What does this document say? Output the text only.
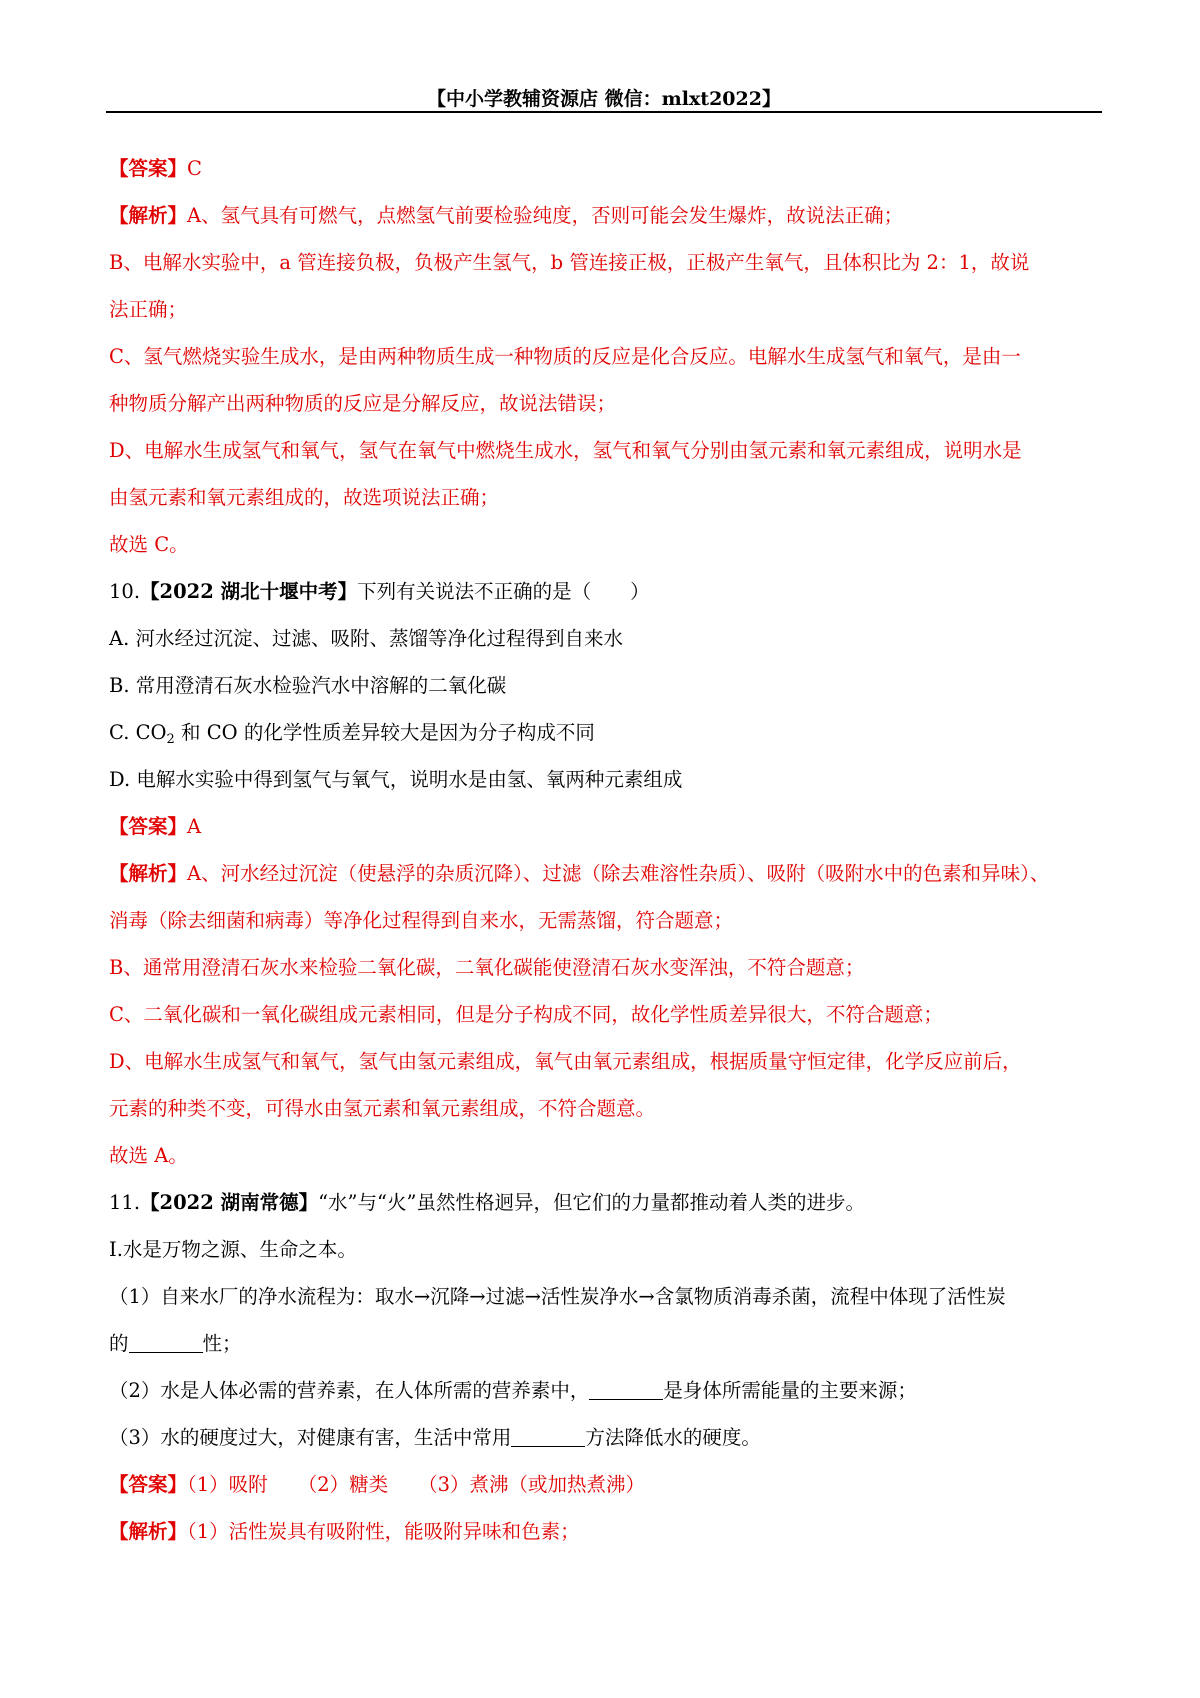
【中小学教辅资源店 微信：mlxt2022】
【答案】C
【解析】A、氢气具有可燃气，点燃氢气前要检验纯度，否则可能会发生爆炸，故说法正确；
B、电解水实验中，a 管连接负极，负极产生氢气，b 管连接正极，正极产生氧气，且体积比为 2：1，故说
法正确；
C、氢气燃烧实验生成水，是由两种物质生成一种物质的反应是化合反应。电解水生成氢气和氧气，是由一
种物质分解产出两种物质的反应是分解反应，故说法错误；
D、电解水生成氢气和氧气，氢气在氧气中燃烧生成水，氢气和氧气分别由氢元素和氧元素组成，说明水是
由氢元素和氧元素组成的，故选项说法正确；
故选 C。
10.【2022 湖北十堰中考】下列有关说法不正确的是（　　）
A. 河水经过沉淀、过滤、吸附、蒸馏等净化过程得到自来水
B. 常用澄清石灰水检验汽水中溶解的二氧化碳
C. $CO_2$ 和 CO 的化学性质差异较大是因为分子构成不同
D. 电解水实验中得到氢气与氧气，说明水是由氢、氧两种元素组成
【答案】A
【解析】A、河水经过沉淀（使悬浮的杂质沉降）、过滤（除去难溶性杂质）、吸附（吸附水中的色素和异味）、
消毒（除去细菌和病毒）等净化过程得到自来水，无需蒸馏，符合题意；
B、通常用澄清石灰水来检验二氧化碳，二氧化碳能使澄清石灰水变浑浊，不符合题意；
C、二氧化碳和一氧化碳组成元素相同，但是分子构成不同，故化学性质差异很大，不符合题意；
D、电解水生成氢气和氧气，氢气由氢元素组成，氧气由氧元素组成，根据质量守恒定律，化学反应前后，
元素的种类不变，可得水由氢元素和氧元素组成，不符合题意。
故选 A。
11.【2022 湖南常德】“水”与“火”虽然性格迥异，但它们的力量都推动着人类的进步。
Ⅰ.水是万物之源、生命之本。
（1）自来水厂的净水流程为：取水→沉降→过滤→活性炭净水→含氯物质消毒杀菌，流程中体现了活性炭
的	性；
（2）水是人体必需的营养素，在人体所需的营养素中，	是身体所需能量的主要来源；
（3）水的硬度过大，对健康有害，生活中常用	方法降低水的硬度。
【答案】（1）吸附 （2）糖类 （3）煮沸（或加热煮沸）
【解析】（1）活性炭具有吸附性，能吸附异味和色素；
